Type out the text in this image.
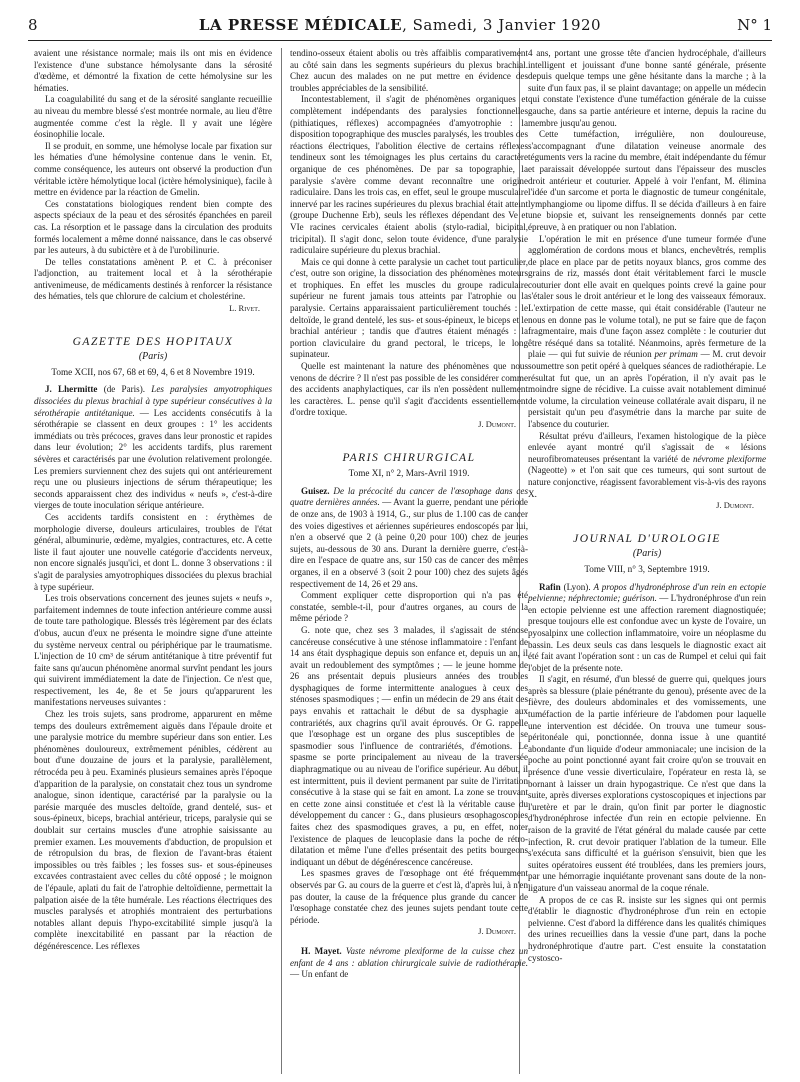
8	LA PRESSE MÉDICALE, Samedi, 3 Janvier 1920	N° 1

avaient une résistance normale; mais ils ont mis en évidence l'existence d'une substance hémolysante dans la sérosité d'œdème, et démontré la fixation de cette hémolysine sur les hématies.

La coagulabilité du sang et de la sérosité sanglante recueillie au niveau du membre blessé s'est montrée normale, au lieu d'être augmentée comme c'est la règle. Il y avait une légère éosinophilie locale.

Il se produit, en somme, une hémolyse locale par fixation sur les hématies d'une hémolysine contenue dans le venin. Et, comme conséquence, les auteurs ont observé la production d'un véritable ictère hémolytique local (ictère hémolysinique), facile à mettre en évidence par la réaction de Gmelin.

Ces constatations biologiques rendent bien compte des aspects spéciaux de la peau et des sérosités épanchées en pareil cas. La résorption et le passage dans la circulation des produits formés localement a même donné naissance, dans le cas observé par les auteurs, à du subictère et à de l'urobilinurie.

De telles constatations amènent P. et C. à préconiser l'adjonction, au traitement local et à la sérothérapie antivenimeuse, de médicaments destinés à renforcer la résistance des hématies, tels que chlorure de calcium et cholestérine.

L. Rivet.
GAZETTE DES HOPITAUX
(Paris)
Tome XCII, nos 67, 68 et 69, 4, 6 et 8 Novembre 1919.

J. Lhermitte (de Paris). Les paralysies amyotrophiques dissociées du plexus brachial à type supérieur consécutives à la sérothérapie antitétanique. — Les accidents consécutifs à la sérothérapie se classent en deux groupes : 1° les accidents immédiats ou très précoces, graves dans leur pronostic et rapides dans leur évolution; 2° les accidents tardifs, plus rarement sévères et caractérisés par une évolution relativement prolongée. Les premiers surviennent chez des sujets qui ont antérieurement reçu une ou plusieurs injections de sérum thérapeutique; les seconds apparaissent chez des individus « neufs », c'est-à-dire vierges de toute inoculation sérique antérieure.

Ces accidents tardifs consistent en : érythèmes de morphologie diverse, douleurs articulaires, troubles de l'état général, albuminurie, œdème, myalgies, contractures, etc. A cette liste il faut ajouter une nouvelle catégorie d'accidents nerveux, non encore signalés jusqu'ici, et dont L. donne 3 observations : il s'agit de paralysies amyotrophiques dissociées du plexus brachial à type supérieur.

Les trois observations concernent des jeunes sujets « neufs », parfaitement indemnes de toute infection antérieure comme aussi de toute tare pathologique. Blessés très légèrement par des éclats d'obus, aucun d'eux ne présenta le moindre signe d'une atteinte du système nerveux central ou périphérique par le traumatisme. L'injection de 10 cm³ de sérum antitétanique à titre préventif fut faite sans qu'aucun phénomène anormal survînt pendant les jours qui suivirent immédiatement la date de l'injection. Ce n'est que, respectivement, les 4e, 8e et 5e jours qu'apparurent les manifestations nerveuses suivantes :

Chez les trois sujets, sans prodrome, apparurent en même temps des douleurs extrêmement aiguës dans l'épaule droite et une paralysie motrice du membre supérieur dans son entier. Les phénomènes douloureux, extrêmement pénibles, cédèrent au bout d'une douzaine de jours et la paralysie, parallèlement, rétrocéda peu à peu. Examinés plusieurs semaines après l'époque d'apparition de la paralysie, on constatait chez tous un syndrome analogue, sinon identique, caractérisé par la paralysie ou la parésie marquée des muscles deltoïde, grand dentelé, sus- et sous-épineux, biceps, brachial antérieur, triceps, paralysie qui se doublait sur certains muscles d'une atrophie saisissante au premier examen. Les mouvements d'abduction, de propulsion et de rétropulsion du bras, de flexion de l'avant-bras étaient impossibles ou très faibles ; les fosses sus- et sous-épineuses excavées contrastaient avec celles du côté opposé ; le moignon de l'épaule, aplati du fait de l'atrophie deltoïdienne, permettait la palpation aisée de la tête humérale. Les réactions électriques des muscles paralysés et atrophiés montraient des perturbations notables allant depuis l'hypo-excitabilité simple jusqu'à la complète inexcitabilité en passant par la réaction de dégénérescence. Les réflexes

tendino-osseux étaient abolis ou très affaiblis comparativement au côté sain dans les segments supérieurs du plexus brachial. Chez aucun des malades on ne put mettre en évidence des troubles appréciables de la sensibilité.

Incontestablement, il s'agit de phénomènes organiques et complètement indépendants des paralysies fonctionnelles (pithiatiques, réflexes) accompagnées d'amyotrophie : la disposition topographique des muscles paralysés, les troubles des réactions électriques, l'abolition élective de certains réflexes tendineux sont les témoignages les plus certains du caractère organique de ces phénomènes. De par sa topographie, la paralysie s'avère comme devant reconnaître une origine radiculaire. Dans les trois cas, en effet, seul le groupe musculaire innervé par les racines supérieures du plexus brachial était atteint (groupe Duchenne Erb), seuls les réflexes dépendant des Ve et VIe racines cervicales étaient abolis (stylo-radial, bicipital, tricipital). Il s'agit donc, selon toute évidence, d'une paralysie radiculaire supérieure du plexus brachial.

Mais ce qui donne à cette paralysie un cachet tout particulier, c'est, outre son origine, la dissociation des phénomènes moteurs et trophiques. En effet les muscles du groupe radiculaire supérieur ne furent jamais tous atteints par l'atrophie ou la paralysie. Certains apparaissaient particulièrement touchés : le deltoïde, le grand dentelé, les sus- et sous-épineux, le biceps et le brachial antérieur ; tandis que d'autres étaient ménagés : la portion claviculaire du grand pectoral, le triceps, le long supinateur.

Quelle est maintenant la nature des phénomènes que nous venons de décrire ? Il n'est pas possible de les considérer comme des accidents anaphylactiques, car ils n'en possèdent nullement les caractères. L. pense qu'il s'agit d'accidents essentiellement d'ordre toxique.

J. Dumont.
PARIS CHIRURGICAL
Tome XI, n° 2, Mars-Avril 1919.

Guisez. De la précocité du cancer de l'œsophage dans ces quatre dernières années. — Avant la guerre, pendant une période de onze ans, de 1903 à 1914, G., sur plus de 1.100 cas de cancer des voies digestives et aériennes supérieures endoscopés par lui, n'en a observé que 2 (à peine 0,20 pour 100) chez de jeunes sujets, au-dessous de 30 ans. Durant la dernière guerre, c'est-à-dire en l'espace de quatre ans, sur 150 cas de cancer des mêmes organes, il en a observé 3 (soit 2 pour 100) chez des sujets âgés respectivement de 14, 26 et 29 ans.

Comment expliquer cette disproportion qui n'a pas été constatée, semble-t-il, pour d'autres organes, au cours de la même période ?

G. note que, chez ses 3 malades, il s'agissait de sténose cancéreuse consécutive à une sténose inflammatoire : l'enfant de 14 ans était dysphagique depuis son enfance et, depuis un an, il avait un redoublement des symptômes ; — le jeune homme de 26 ans présentait depuis plusieurs années des troubles dysphagiques de forme intermittente analogues à ceux des sténoses spasmodiques ; — enfin un médecin de 29 ans était des pays envahis et rattachait le début de sa dysphagie aux contrariétés, aux chagrins qu'il avait éprouvés. Or G. rappelle que l'œsophage est un organe des plus susceptibles de se spasmodier sous l'influence de contrariétés, d'émotions. Le spasme se porte principalement au niveau de la traversée diaphragmatique ou au niveau de l'orifice supérieur. Au début, il est intermittent, puis il devient permanent par suite de l'irritation consécutive à la stase qui se fait en amont. La zone se trouvant en cette zone ainsi constituée et c'est là la véritable cause du développement du cancer : G., dans plusieurs œsophagoscopies faites chez des spasmodiques graves, a pu, en effet, noter l'existence de plaques de leucoplasie dans la poche de rétro-dilatation et même l'une d'elles présentait des petits bourgeons indiquant un début de dégénérescence cancéreuse.

Les spasmes graves de l'œsophage ont été fréquemment observés par G. au cours de la guerre et c'est là, d'après lui, à n'en pas douter, la cause de la fréquence plus grande du cancer de l'œsophage constatée chez des jeunes sujets pendant toute cette période.

J. Dumont.

H. Mayet. Vaste névrome plexiforme de la cuisse chez un enfant de 4 ans : ablation chirurgicale suivie de radiothérapie. — Un enfant de

4 ans, portant une grosse tête d'ancien hydrocéphale, d'ailleurs intelligent et jouissant d'une bonne santé générale, présente depuis quelque temps une gêne hésitante dans la marche ; à la suite d'un faux pas, il se plaint davantage; on appelle un médecin qui constate l'existence d'une tuméfaction générale de la cuisse gauche, dans sa partie antérieure et interne, depuis la racine du membre jusqu'au genou.

Cette tuméfaction, irrégulière, non douloureuse, s'accompagnant d'une dilatation veineuse anormale des téguments vers la racine du membre, était indépendante du fémur et paraissait développée surtout dans l'épaisseur des muscles droit antérieur et couturier. Appelé à voir l'enfant, M. élimina l'idée d'un sarcome et porta le diagnostic de tumeur congénitale, lymphangiome ou lipome diffus. Il se décida d'ailleurs à en faire une biopsie et, suivant les renseignements donnés par cette épreuve, à en pratiquer ou non l'ablation.

L'opération le mit en présence d'une tumeur formée d'une agglomération de cordons mous et blancs, enchevêtrés, remplis de place en place par de petits noyaux blancs, gros comme des grains de riz, massés dont était véritablement farci le muscle couturier dont elle avait en quelques points crevé la gaine pour s'étaler sous le droit antérieur et le long des vaisseaux fémoraux. L'extirpation de cette masse, qui était considérable (l'auteur ne nous en donne pas le volume total), ne put se faire que de façon fragmentaire, mais d'une façon assez complète : le couturier dut être réséqué dans sa totalité. Néanmoins, après fermeture de la plaie — qui fut suivie de réunion per primam — M. crut devoir soumettre son petit opéré à quelques séances de radiothérapie. Le résultat fut que, un an après l'opération, il n'y avait pas le moindre signe de récidive. La cuisse avait notablement diminué de volume, la circulation veineuse collatérale avait disparu, il ne persistait qu'un peu d'asymétrie dans la marche par suite de l'absence du couturier.

Résultat prévu d'ailleurs, l'examen histologique de la pièce enlevée ayant montré qu'il s'agissait de « lésions neurofibromateuses présentant la variété de névrome plexiforme (Nageotte) » et l'on sait que ces tumeurs, qui sont surtout de nature conjonctive, réagissent favorablement vis-à-vis des rayons X.

J. Dumont.
JOURNAL D'UROLOGIE
(Paris)
Tome VIII, n° 3, Septembre 1919.

Rafin (Lyon). A propos d'hydronéphrose d'un rein en ectopie pelvienne; néphrectomie; guérison. — L'hydronéphrose d'un rein en ectopie pelvienne est une affection rarement diagnostiquée; presque toujours elle est confondue avec un kyste de l'ovaire, un pyosalpinx une collection inflammatoire, voire un néoplasme du bassin. Les deux seuls cas dans lesquels le diagnostic exact ait été fait avant l'opération sont : un cas de Rumpel et celui qui fait l'objet de la présente note.

Il s'agit, en résumé, d'un blessé de guerre qui, quelques jours après sa blessure (plaie pénétrante du genou), présente avec de la fièvre, des douleurs abdominales et des vomissements, une tuméfaction de la partie inférieure de l'abdomen pour laquelle une intervention est décidée. On trouva une tumeur sous-péritonéale qui, ponctionnée, donna issue à une quantité abondante d'un liquide d'odeur ammoniacale; une incision de la poche au point ponctionné ayant fait croire qu'on se trouvait en présence d'une vessie diverticulaire, l'opérateur en resta là, se bornant à laisser un drain hypogastrique. Ce n'est que dans la suite, après diverses explorations cystoscopiques et injections par l'uretère et par le drain, qu'on finit par porter le diagnostic d'hydronéphrose infectée d'un rein en ectopie pelvienne. En raison de la gravité de l'état général du malade causée par cette infection, R. crut devoir pratiquer l'ablation de la tumeur. Elle s'exécuta sans difficulté et la guérison s'ensuivit, bien que les suites opératoires eussent été troublées, dans les premiers jours, par une hémorragie inquiétante provenant sans doute de la non-ligature d'un vaisseau anormal de la coque rénale.

A propos de ce cas R. insiste sur les signes qui ont permis d'établir le diagnostic d'hydronéphrose d'un rein en ectopie pelvienne. C'est d'abord la différence dans les qualités chimiques des urines recueillies dans la vessie d'une part, dans la poche hydronéphrotique d'autre part. C'est ensuite la constatation cystosco-
